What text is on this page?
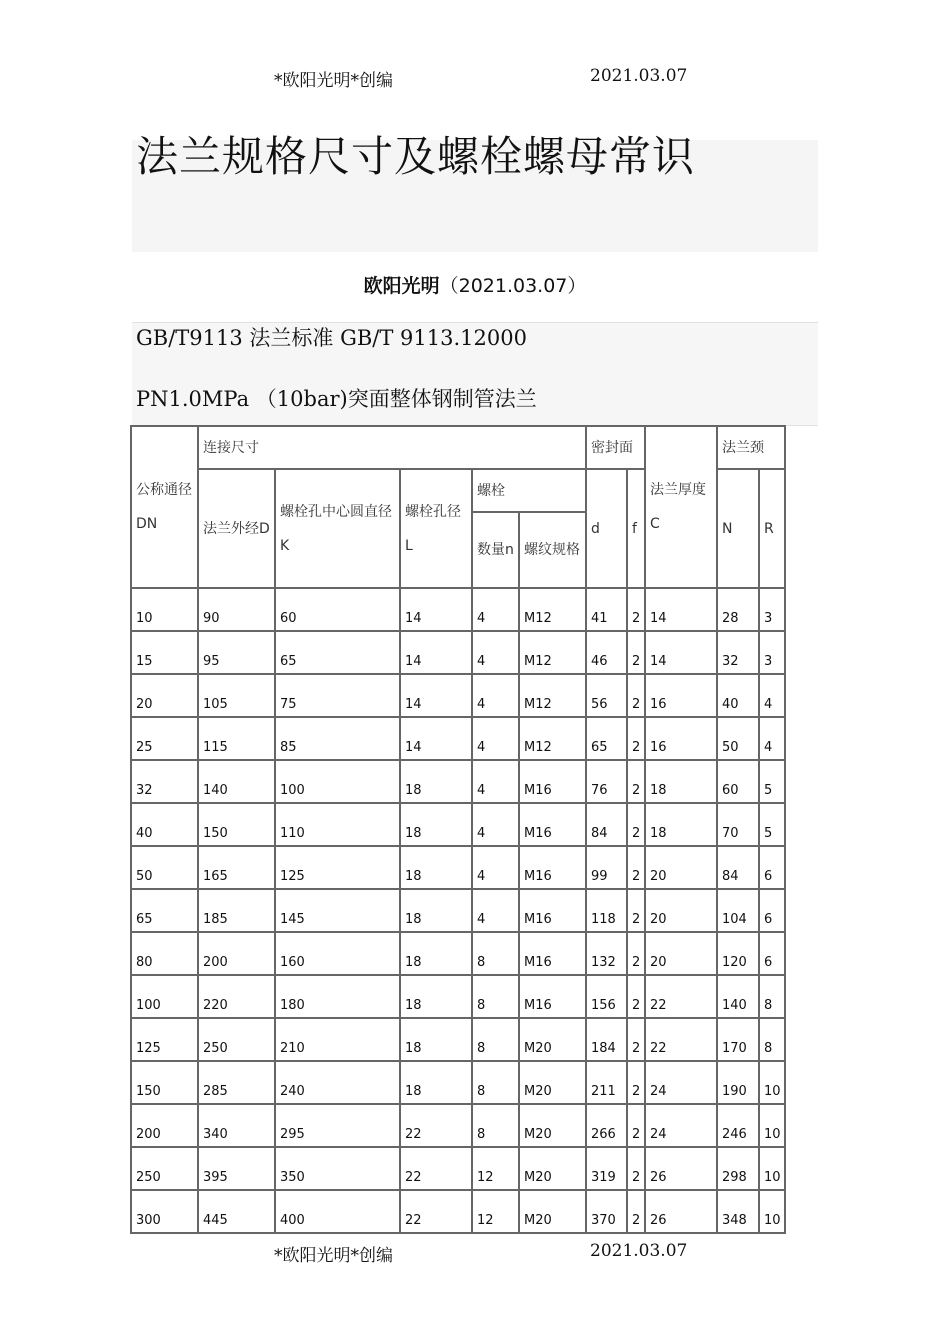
*欧阳光明*创编	2021.03.07
法兰规格尺寸及螺栓螺母常识
欧阳光明（2021.03.07）
GB/T9113 法兰标准 GB/T 9113.12000
PN1.0MPa （10bar)突面整体钢制管法兰
公称通径DN	连接尺寸					密封面		法兰厚度 C	法兰颈	
	法兰外经D	螺栓孔中心圆直径 K	螺栓孔径 L	螺栓		d	f		N	R
				数量n	螺纹规格					
10	90	60	14	4	M12	41	2	14	28	3
15	95	65	14	4	M12	46	2	14	32	3
20	105	75	14	4	M12	56	2	16	40	4
25	115	85	14	4	M12	65	2	16	50	4
32	140	100	18	4	M16	76	2	18	60	5
40	150	110	18	4	M16	84	2	18	70	5
50	165	125	18	4	M16	99	2	20	84	6
65	185	145	18	4	M16	118	2	20	104	6
80	200	160	18	8	M16	132	2	20	120	6
100	220	180	18	8	M16	156	2	22	140	8
125	250	210	18	8	M20	184	2	22	170	8
150	285	240	18	8	M20	211	2	24	190	10
200	340	295	22	8	M20	266	2	24	246	10
250	395	350	22	12	M20	319	2	26	298	10
300	445	400	22	12	M20	370	2	26	348	10
*欧阳光明*创编	2021.03.07
